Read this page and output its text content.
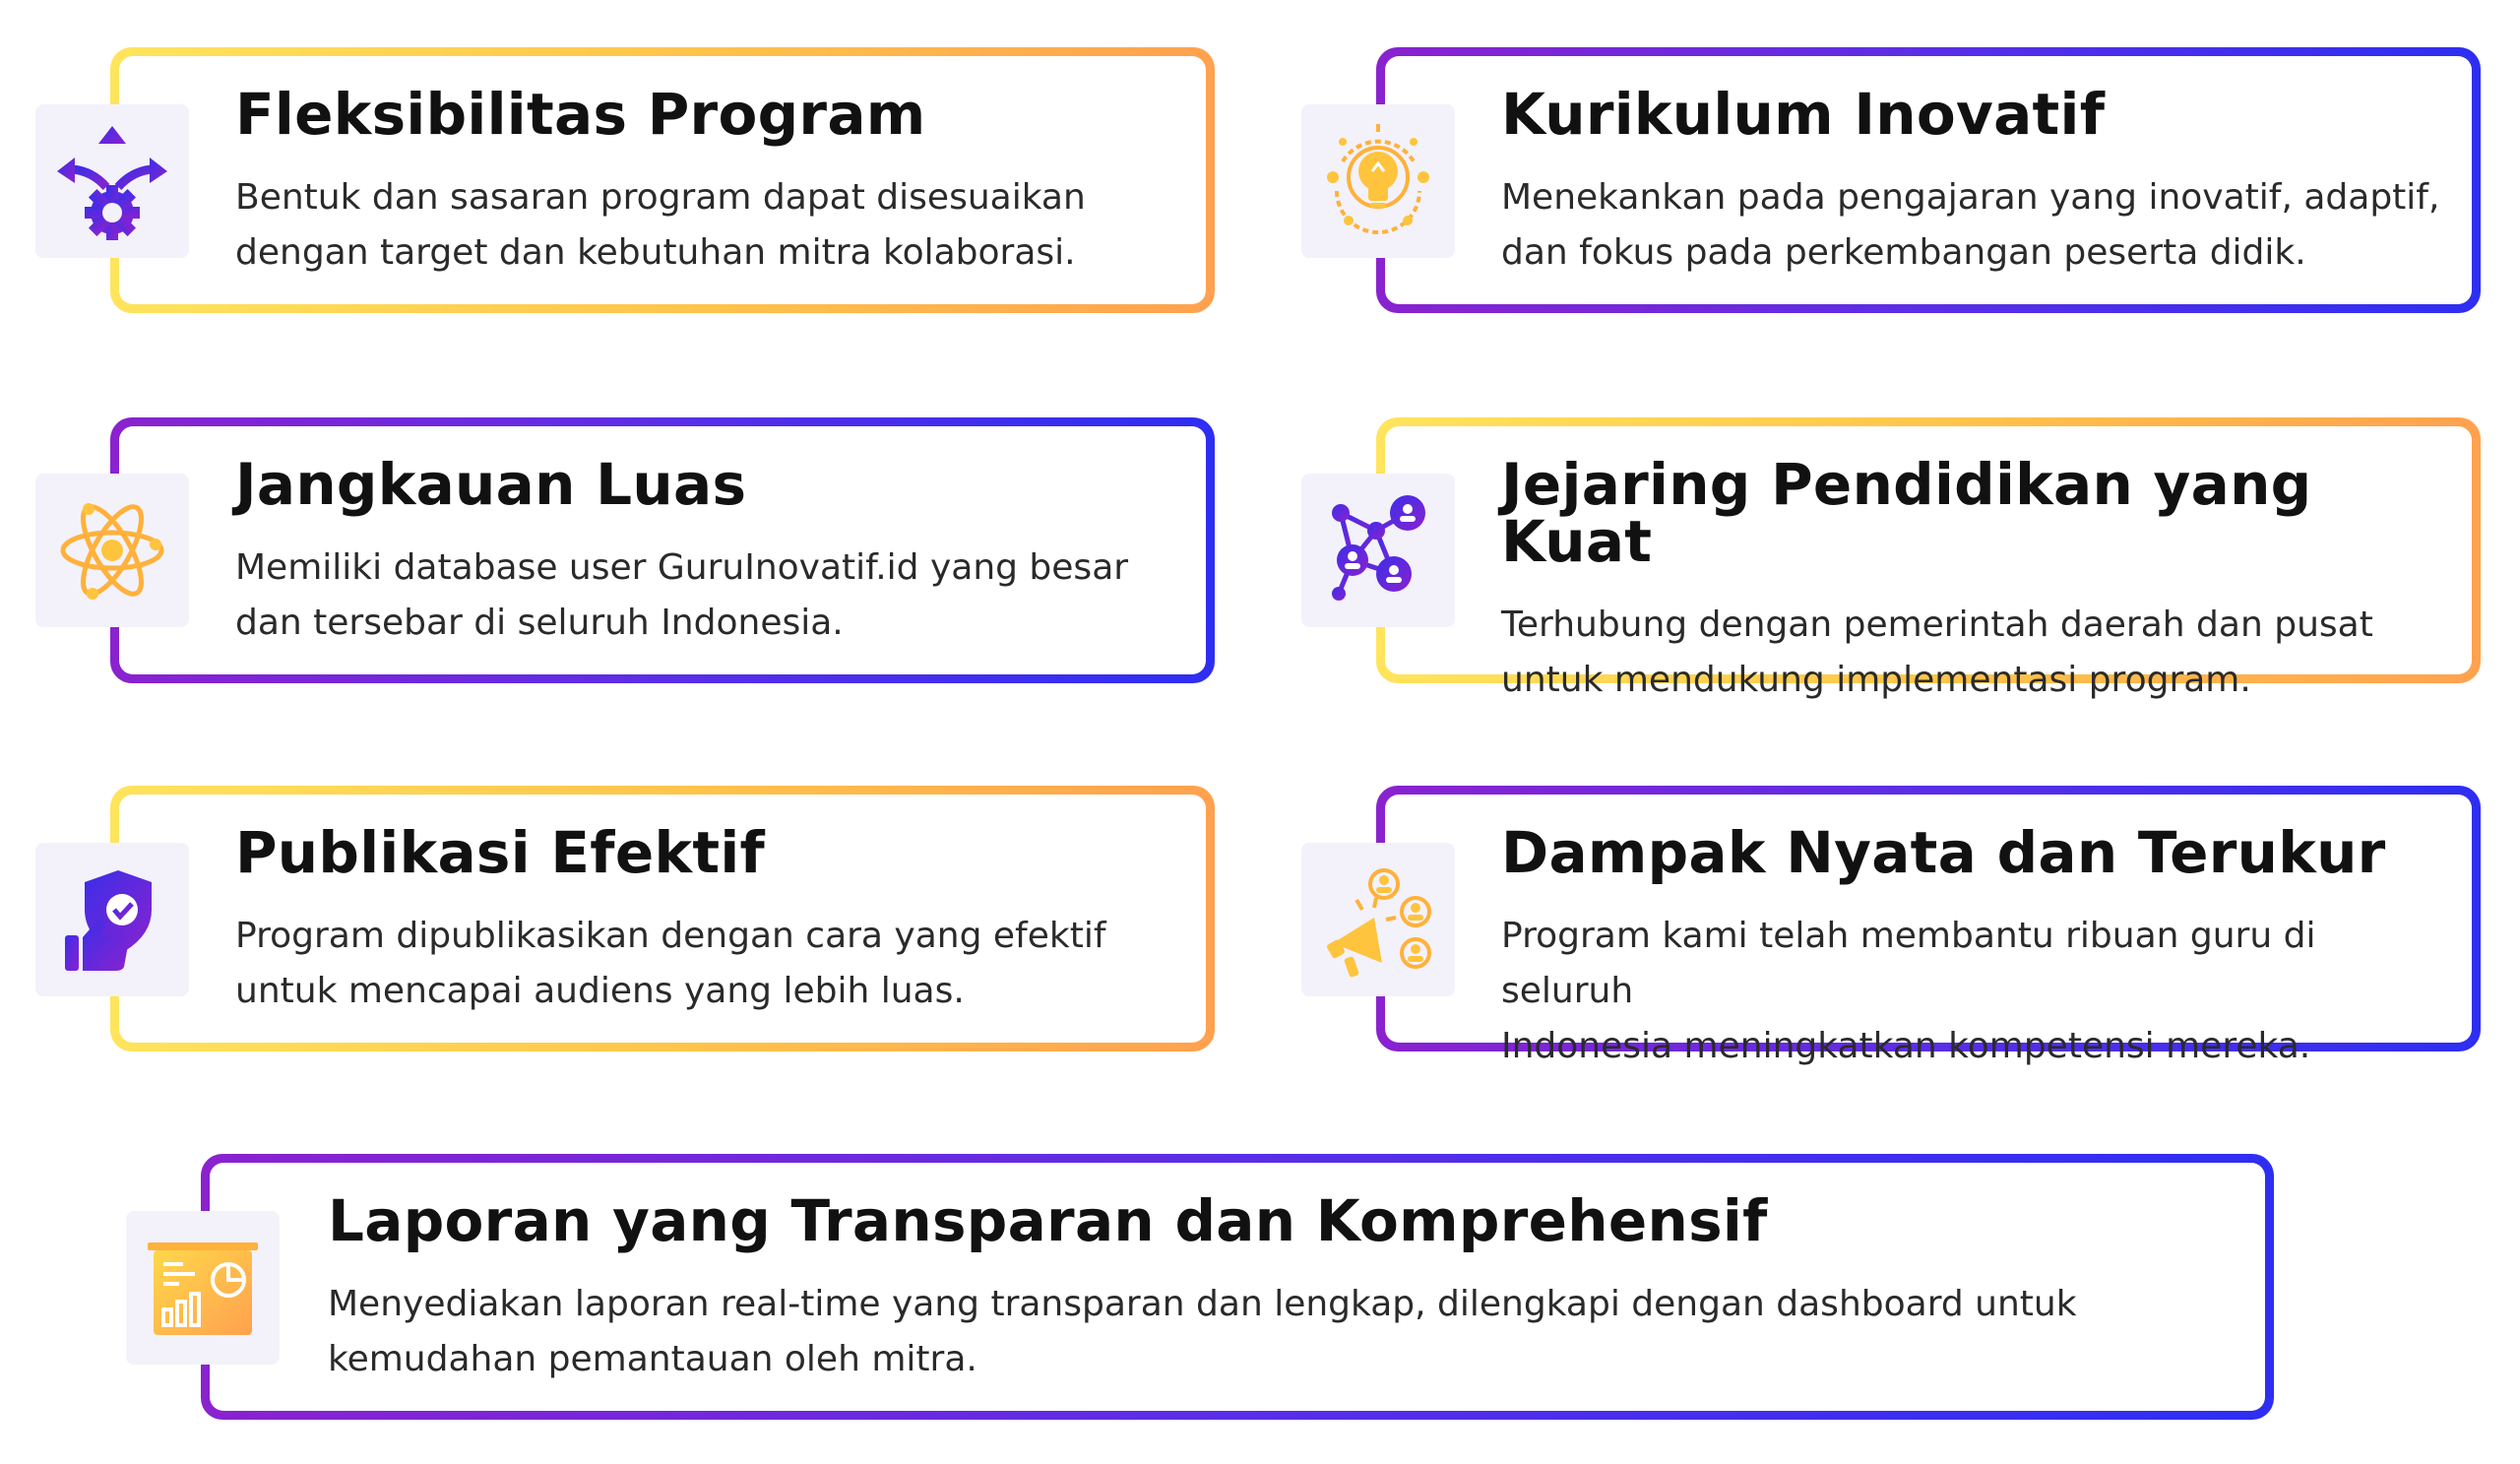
Fleksibilitas Program

Bentuk dan sasaran program dapat disesuaikan
dengan target dan kebutuhan mitra kolaborasi.

Kurikulum Inovatif

Menekankan pada pengajaran yang inovatif, adaptif,
dan fokus pada perkembangan peserta didik.

Jangkauan Luas

Memiliki database user GuruInovatif.id yang besar
dan tersebar di seluruh Indonesia.

Jejaring Pendidikan yang Kuat

Terhubung dengan pemerintah daerah dan pusat
untuk mendukung implementasi program.

Publikasi Efektif

Program dipublikasikan dengan cara yang efektif
untuk mencapai audiens yang lebih luas.

Dampak Nyata dan Terukur

Program kami telah membantu ribuan guru di seluruh
Indonesia meningkatkan kompetensi mereka.

Laporan yang Transparan dan Komprehensif

Menyediakan laporan real-time yang transparan dan lengkap, dilengkapi dengan dashboard untuk
kemudahan pemantauan oleh mitra.
